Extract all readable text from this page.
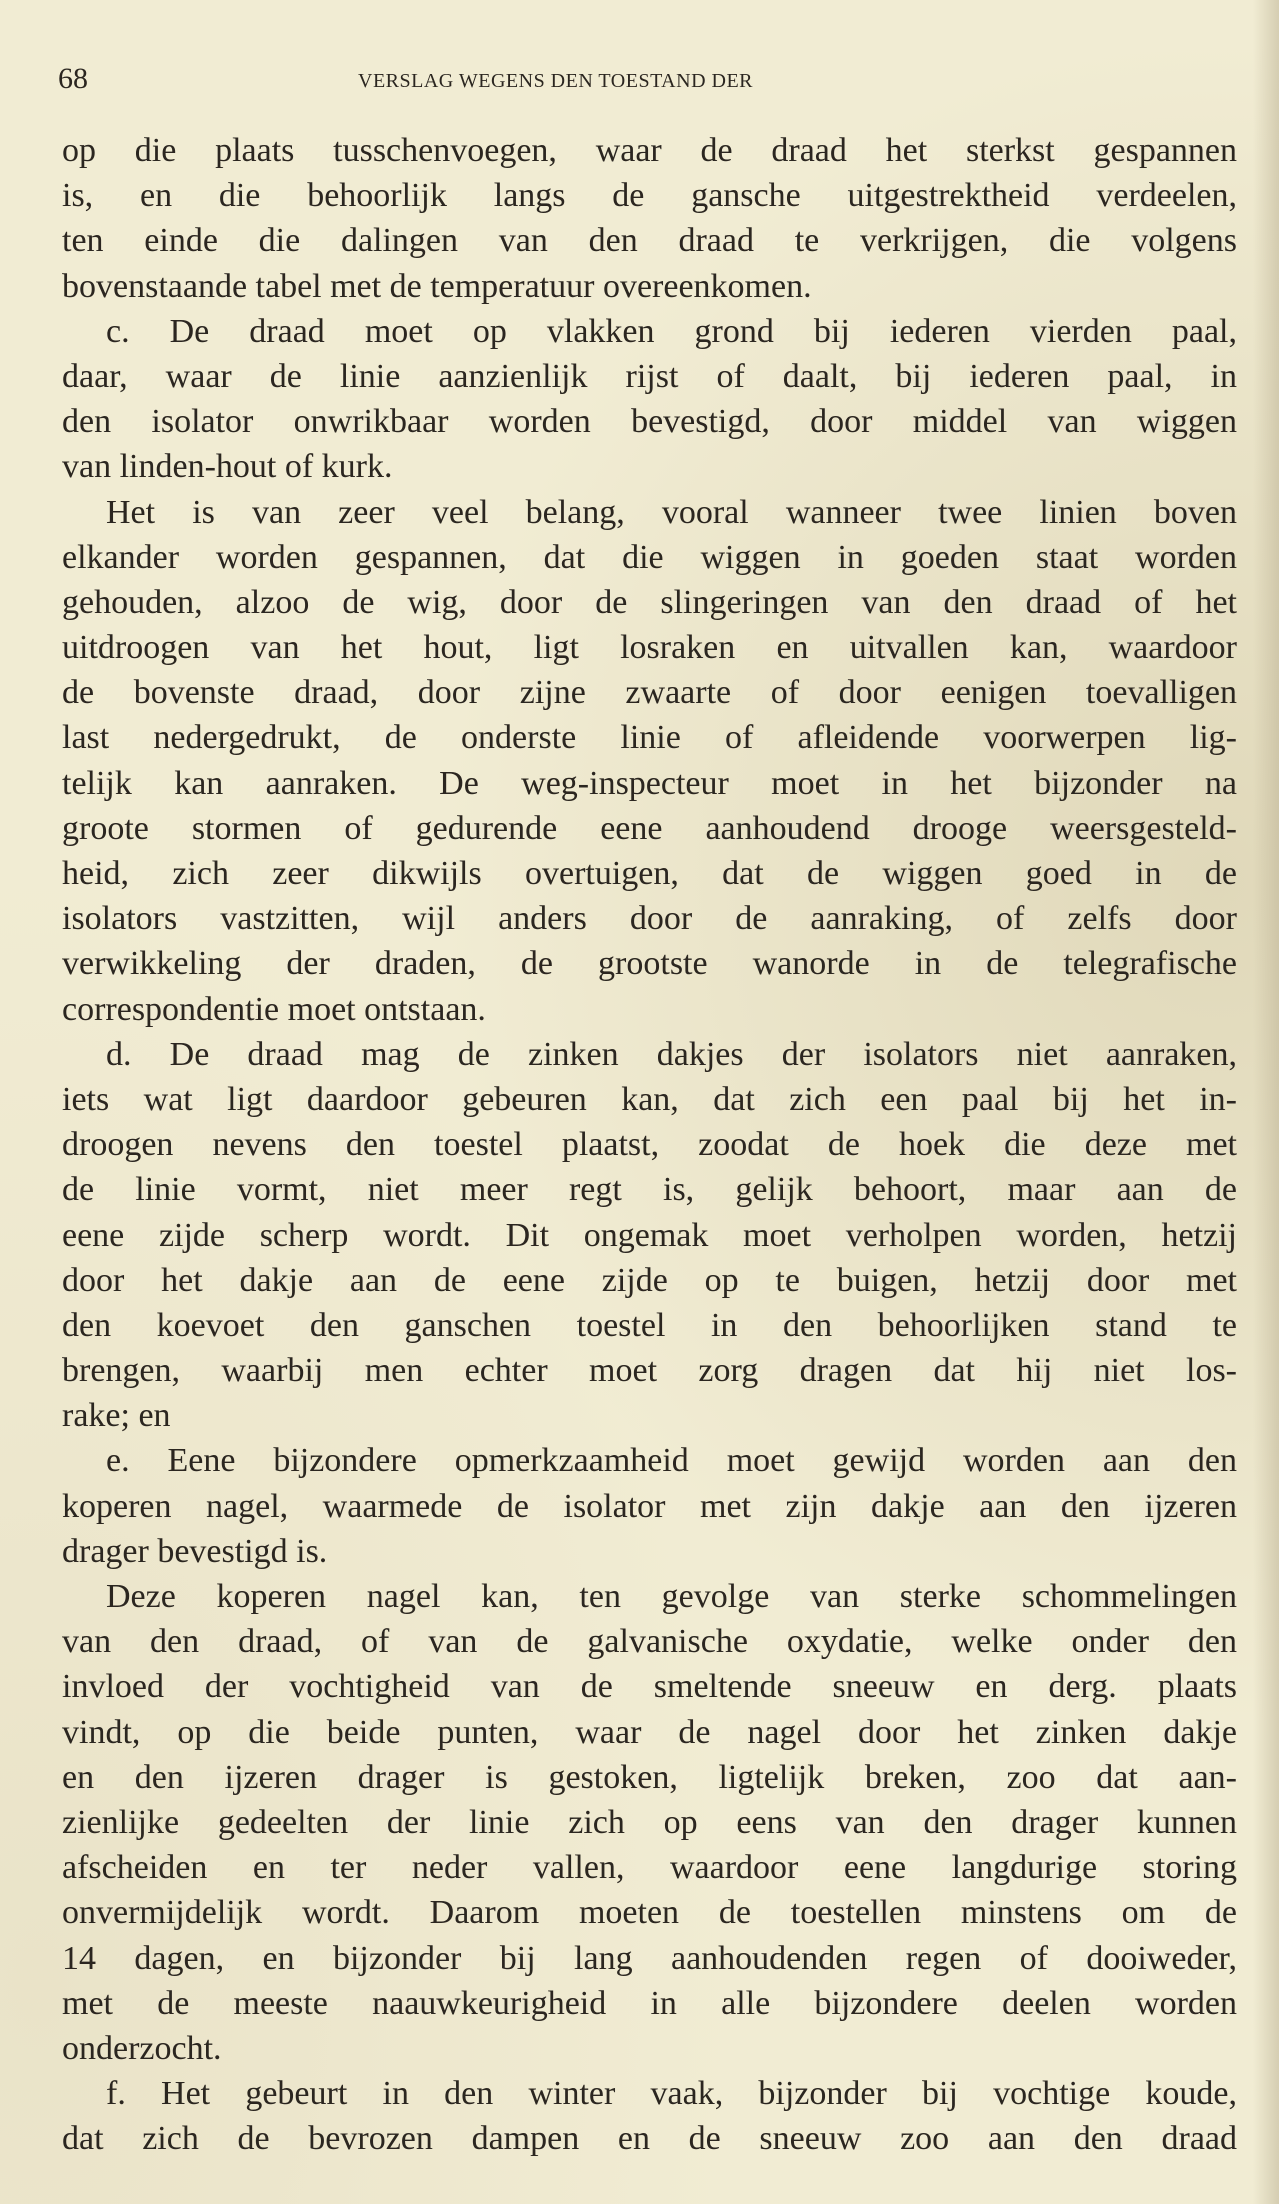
68	VERSLAG WEGENS DEN TOESTAND DER
op die plaats tusschenvoegen, waar de draad het sterkst gespannen
is, en die behoorlijk langs de gansche uitgestrektheid verdeelen,
ten einde die dalingen van den draad te verkrijgen, die volgens
bovenstaande tabel met de temperatuur overeenkomen.
c. De draad moet op vlakken grond bij iederen vierden paal,
daar, waar de linie aanzienlijk rijst of daalt, bij iederen paal, in
den isolator onwrikbaar worden bevestigd, door middel van wiggen
van linden-hout of kurk.
Het is van zeer veel belang, vooral wanneer twee linien boven
elkander worden gespannen, dat die wiggen in goeden staat worden
gehouden, alzoo de wig, door de slingeringen van den draad of het
uitdroogen van het hout, ligt losraken en uitvallen kan, waardoor
de bovenste draad, door zijne zwaarte of door eenigen toevalligen
last nedergedrukt, de onderste linie of afleidende voorwerpen lig-
telijk kan aanraken. De weg-inspecteur moet in het bijzonder na
groote stormen of gedurende eene aanhoudend drooge weersgesteld-
heid, zich zeer dikwijls overtuigen, dat de wiggen goed in de
isolators vastzitten, wijl anders door de aanraking, of zelfs door
verwikkeling der draden, de grootste wanorde in de telegrafische
correspondentie moet ontstaan.
d. De draad mag de zinken dakjes der isolators niet aanraken,
iets wat ligt daardoor gebeuren kan, dat zich een paal bij het in-
droogen nevens den toestel plaatst, zoodat de hoek die deze met
de linie vormt, niet meer regt is, gelijk behoort, maar aan de
eene zijde scherp wordt. Dit ongemak moet verholpen worden, hetzij
door het dakje aan de eene zijde op te buigen, hetzij door met
den koevoet den ganschen toestel in den behoorlijken stand te
brengen, waarbij men echter moet zorg dragen dat hij niet los-
rake; en
e. Eene bijzondere opmerkzaamheid moet gewijd worden aan den
koperen nagel, waarmede de isolator met zijn dakje aan den ijzeren
drager bevestigd is.
Deze koperen nagel kan, ten gevolge van sterke schommelingen
van den draad, of van de galvanische oxydatie, welke onder den
invloed der vochtigheid van de smeltende sneeuw en derg. plaats
vindt, op die beide punten, waar de nagel door het zinken dakje
en den ijzeren drager is gestoken, ligtelijk breken, zoo dat aan-
zienlijke gedeelten der linie zich op eens van den drager kunnen
afscheiden en ter neder vallen, waardoor eene langdurige storing
onvermijdelijk wordt. Daarom moeten de toestellen minstens om de
14 dagen, en bijzonder bij lang aanhoudenden regen of dooiweder,
met de meeste naauwkeurigheid in alle bijzondere deelen worden
onderzocht.
f. Het gebeurt in den winter vaak, bijzonder bij vochtige koude,
dat zich de bevrozen dampen en de sneeuw zoo aan den draad
